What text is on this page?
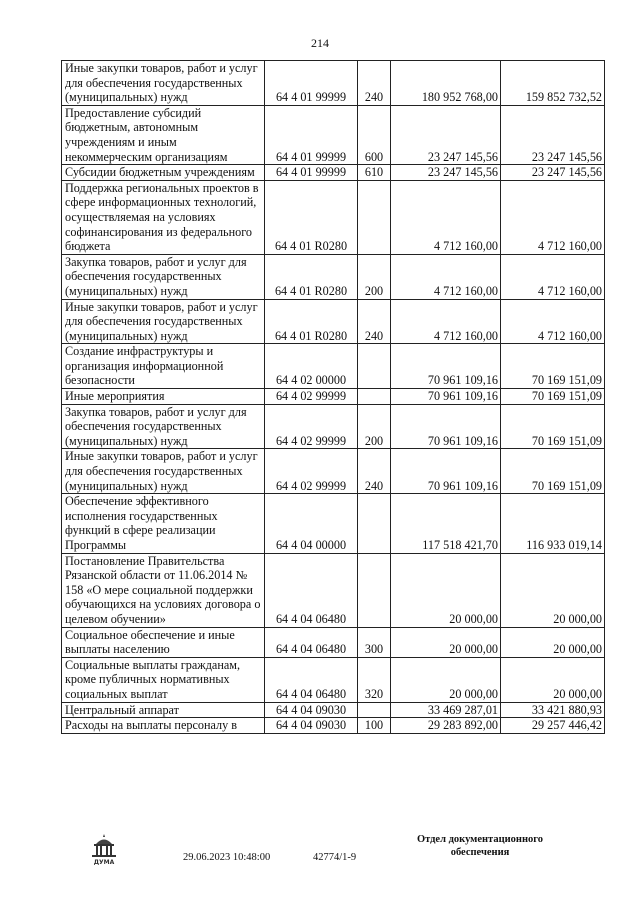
214
Иные закупки товаров, работ и услуг для обеспечения государственных (муниципальных) нужд	64 4 01 99999	240	180 952 768,00	159 852 732,52
Предоставление субсидий бюджетным, автономным учреждениям и иным некоммерческим организациям	64 4 01 99999	600	23 247 145,56	23 247 145,56
Субсидии бюджетным учреждениям	64 4 01 99999	610	23 247 145,56	23 247 145,56
Поддержка региональных проектов в сфере информационных технологий, осуществляемая на условиях софинансирования из федерального бюджета	64 4 01 R0280		4 712 160,00	4 712 160,00
Закупка товаров, работ и услуг для обеспечения государственных (муниципальных) нужд	64 4 01 R0280	200	4 712 160,00	4 712 160,00
Иные закупки товаров, работ и услуг для обеспечения государственных (муниципальных) нужд	64 4 01 R0280	240	4 712 160,00	4 712 160,00
Создание инфраструктуры и организация информационной безопасности	64 4 02 00000		70 961 109,16	70 169 151,09
Иные мероприятия	64 4 02 99999		70 961 109,16	70 169 151,09
Закупка товаров, работ и услуг для обеспечения государственных (муниципальных) нужд	64 4 02 99999	200	70 961 109,16	70 169 151,09
Иные закупки товаров, работ и услуг для обеспечения государственных (муниципальных) нужд	64 4 02 99999	240	70 961 109,16	70 169 151,09
Обеспечение эффективного исполнения государственных функций в сфере реализации Программы	64 4 04 00000		117 518 421,70	116 933 019,14
Постановление Правительства Рязанской области от 11.06.2014 № 158 «О мере социальной поддержки обучающихся на условиях договора о целевом обучении»	64 4 04 06480		20 000,00	20 000,00
Социальное обеспечение и иные выплаты населению	64 4 04 06480	300	20 000,00	20 000,00
Социальные выплаты гражданам, кроме публичных нормативных социальных выплат	64 4 04 06480	320	20 000,00	20 000,00
Центральный аппарат	64 4 04 09030		33 469 287,01	33 421 880,93
Расходы на выплаты персоналу в	64 4 04 09030	100	29 283 892,00	29 257 446,42
ДУМА	29.06.2023 10:48:00	42774/1-9
Отдел документационного обеспечения
